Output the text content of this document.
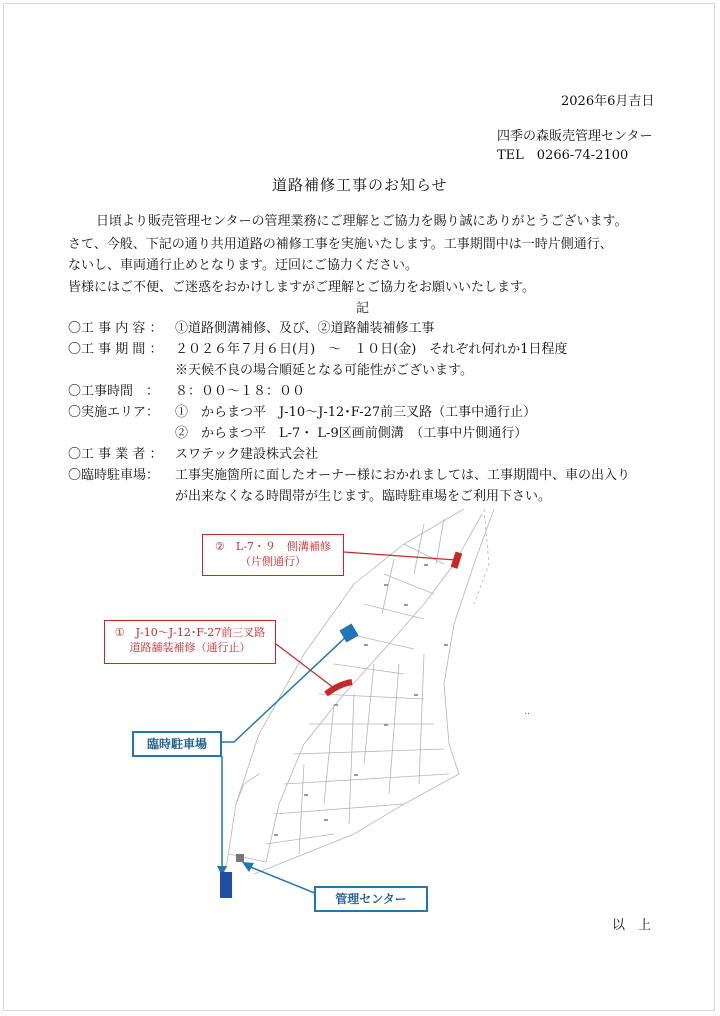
2026年6月吉日
四季の森販売管理センター
TEL　0266-74-2100
道路補修工事のお知らせ
日頃より販売管理センターの管理業務にご理解とご協力を賜り誠にありがとうございます。
さて、今般、下記の通り共用道路の補修工事を実施いたします。工事期間中は一時片側通行、
ないし、車両通行止めとなります。迂回にご協力ください。
皆様にはご不便、ご迷惑をおかけしますがご理解とご協力をお願いいたします。
記
〇工 事 内 容 ： ①道路側溝補修、及び、②道路舗装補修工事
〇工 事 期 間 ： ２０２６年７月６日(月)　～　１０日(金)　それぞれ何れか1日程度
※天候不良の場合順延となる可能性がございます。
〇工事時間　： ８：００～１８：００
〇実施エリア： ①　からまつ平　J-10～J-12･F-27前三叉路（工事中通行止）
②　からまつ平　L-7・ L-9区画前側溝　（工事中片側通行）
〇工 事 業 者 ： スワテック建設株式会社
〇臨時駐車場： 工事実施箇所に面したオーナー様におかれましては、工事期間中、車の出入り
が出来なくなる時間帯が生じます。臨時駐車場をご利用下さい。
②　L-7・９　側溝補修
（片側通行）
①　J-10～J-12･F-27前三叉路
道路舗装補修（通行止）
臨時駐車場
管理センター
‥
以　上
